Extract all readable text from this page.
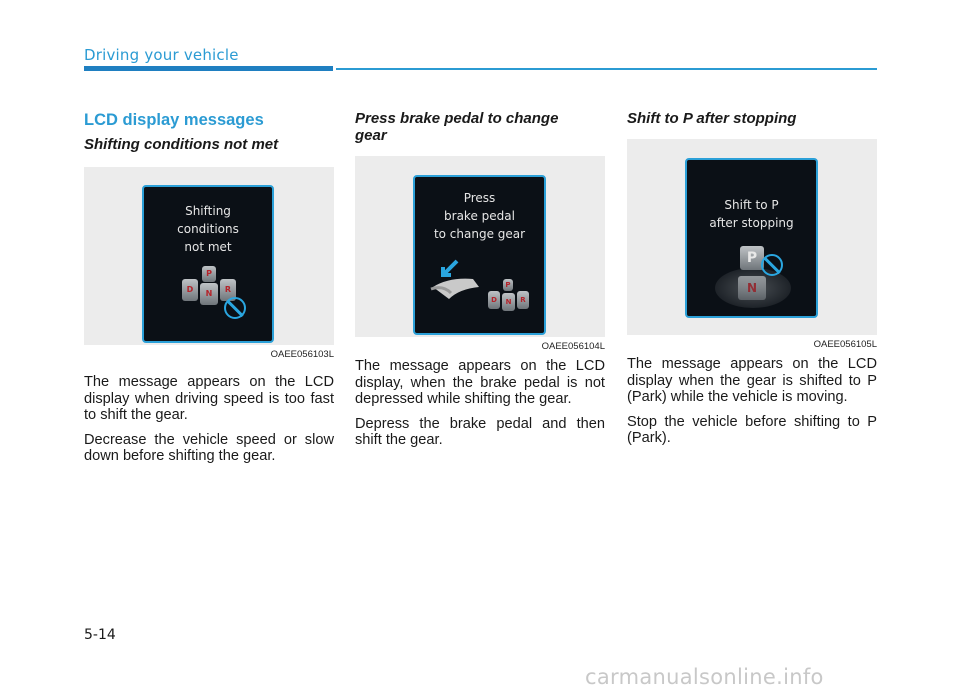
Driving your vehicle
LCD display messages
Shifting conditions not met
Shifting
conditions
not met
P
D	N	R
OAEE056103L

The message appears on the LCD display when driving speed is too fast to shift the gear.

Decrease the vehicle speed or slow down before shifting the gear.

Press brake pedal to change
gear
Press
brake pedal
to change gear
P
D	N	R
OAEE056104L

The message appears on the LCD display, when the brake pedal is not depressed while shifting the gear.

Depress the brake pedal and then shift the gear.

Shift to P after stopping
Shift to P
after stopping
P
N
OAEE056105L

The message appears on the LCD display when the gear is shifted to P (Park) while the vehicle is moving.

Stop the vehicle before shifting to P (Park).

5-14
carmanualsonline.info
